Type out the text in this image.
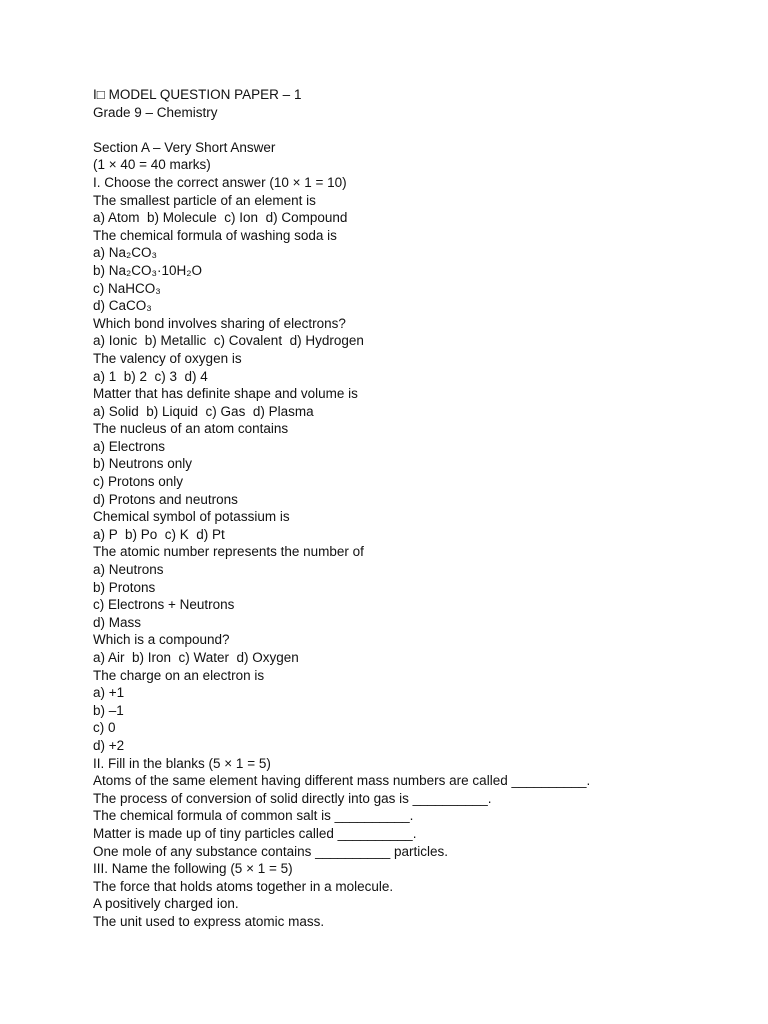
I□ MODEL QUESTION PAPER – 1
Grade 9 – Chemistry
Section A – Very Short Answer
(1 × 40 = 40 marks)
I. Choose the correct answer (10 × 1 = 10)
The smallest particle of an element is
a) Atom  b) Molecule  c) Ion  d) Compound
The chemical formula of washing soda is
a) Na₂CO₃
b) Na₂CO₃·10H₂O
c) NaHCO₃
d) CaCO₃
Which bond involves sharing of electrons?
a) Ionic  b) Metallic  c) Covalent  d) Hydrogen
The valency of oxygen is
a) 1  b) 2  c) 3  d) 4
Matter that has definite shape and volume is
a) Solid  b) Liquid  c) Gas  d) Plasma
The nucleus of an atom contains
a) Electrons
b) Neutrons only
c) Protons only
d) Protons and neutrons
Chemical symbol of potassium is
a) P  b) Po  c) K  d) Pt
The atomic number represents the number of
a) Neutrons
b) Protons
c) Electrons + Neutrons
d) Mass
Which is a compound?
a) Air  b) Iron  c) Water  d) Oxygen
The charge on an electron is
a) +1
b) –1
c) 0
d) +2
II. Fill in the blanks (5 × 1 = 5)
Atoms of the same element having different mass numbers are called __________.
The process of conversion of solid directly into gas is __________.
The chemical formula of common salt is __________.
Matter is made up of tiny particles called __________.
One mole of any substance contains __________ particles.
III. Name the following (5 × 1 = 5)
The force that holds atoms together in a molecule.
A positively charged ion.
The unit used to express atomic mass.
